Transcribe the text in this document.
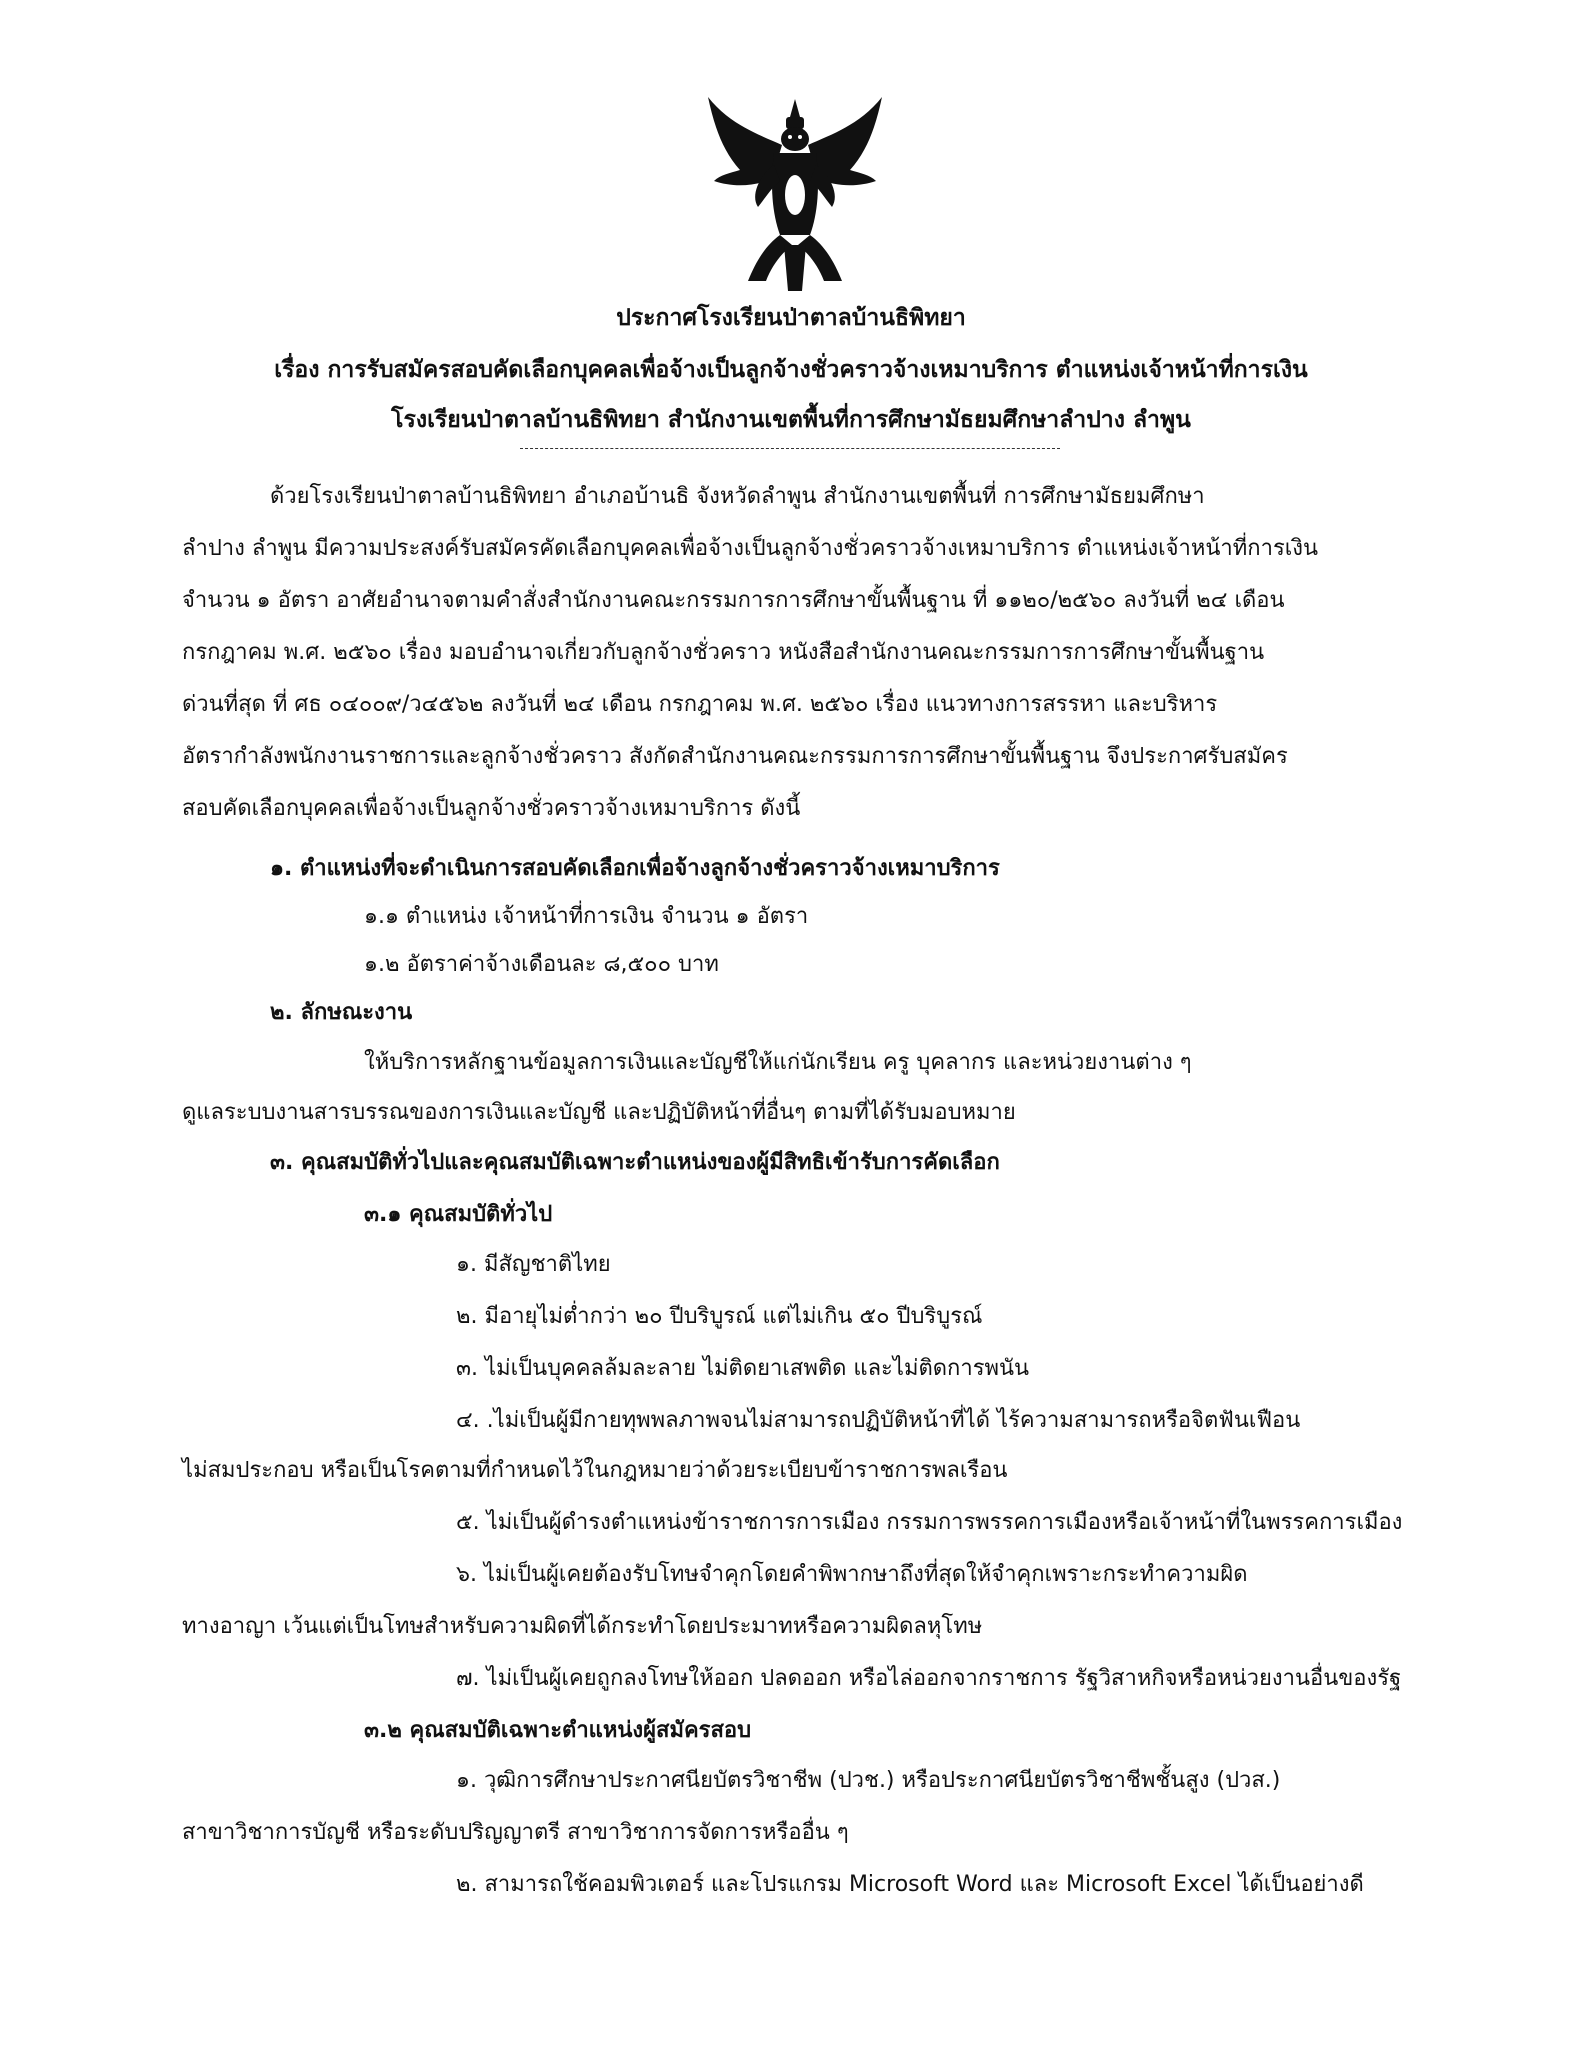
ประกาศโรงเรียนป่าตาลบ้านธิพิทยา
เรื่อง การรับสมัครสอบคัดเลือกบุคคลเพื่อจ้างเป็นลูกจ้างชั่วคราวจ้างเหมาบริการ ตำแหน่งเจ้าหน้าที่การเงิน
โรงเรียนป่าตาลบ้านธิพิทยา สำนักงานเขตพื้นที่การศึกษามัธยมศึกษาลำปาง ลำพูน
ด้วยโรงเรียนป่าตาลบ้านธิ​พิทยา อำเภอบ้านธิ จังหวัดลำพูน สำนักงานเขตพื้นที่ การศึกษามัธยมศึกษา
ลำปาง ลำพูน มีความประสงค์รับสมัครคัดเลือกบุคคลเพื่อจ้างเป็นลูกจ้างชั่วคราวจ้างเหมาบริการ ตำแหน่งเจ้าหน้าที่การเงิน
จำนวน ๑ อัตรา อาศัยอำนาจตามคำสั่งสำนักงานคณะกรรมการการศึกษาขั้นพื้นฐาน ที่ ๑๑๒๐/๒๕๖๐ ลงวันที่ ๒๔ เดือน
กรกฎาคม พ.ศ. ๒๕๖๐ เรื่อง มอบอำนาจเกี่ยวกับลูกจ้างชั่วคราว หนังสือสำนักงานคณะกรรมการการศึกษาขั้นพื้นฐาน
ด่วนที่สุด ที่ ศธ ๐๔๐๐๙/ว๔๕๖๒ ลงวันที่ ๒๔ เดือน กรกฎาคม พ.ศ. ๒๕๖๐ เรื่อง แนวทางการสรรหา และบริหาร
อัตรากำลังพนักงานราชการและลูกจ้างชั่วคราว สังกัดสำนักงานคณะกรรมการการศึกษาขั้นพื้นฐาน จึงประกาศรับสมัคร
สอบคัดเลือกบุคคลเพื่อจ้างเป็นลูกจ้างชั่วคราวจ้างเหมาบริการ ดังนี้
๑. ตำแหน่งที่จะดำเนินการสอบคัดเลือกเพื่อจ้างลูกจ้างชั่วคราวจ้างเหมาบริการ
๑.๑ ตำแหน่ง เจ้าหน้าที่การเงิน จำนวน ๑ อัตรา
๑.๒ อัตราค่าจ้างเดือนละ ๘,๕๐๐ บาท
๒. ลักษณะงาน
ให้บริการหลักฐานข้อมูลการเงินและบัญชีให้แก่นักเรียน ครู บุคลากร และหน่วยงานต่าง ๆ
ดูแลระบบงานสารบรรณของการเงินและบัญชี และปฏิบัติหน้าที่อื่นๆ ตามที่ได้รับมอบหมาย
๓. คุณสมบัติทั่วไปและคุณสมบัติเฉพาะตำแหน่งของผู้มีสิทธิเข้ารับการคัดเลือก
๓.๑ คุณสมบัติทั่วไป
๑. มีสัญชาติไทย
๒. มีอายุไม่ต่ำกว่า ๒๐ ปีบริบูรณ์ แต่ไม่เกิน ๕๐ ปีบริบูรณ์
๓. ไม่เป็นบุคคลล้มละลาย ไม่ติดยาเสพติด และไม่ติดการพนัน
๔. .ไม่เป็นผู้มีกายทุพพลภาพจนไม่สามารถปฏิบัติหน้าที่ได้ ไร้ความสามารถหรือจิตฟันเฟือน
ไม่สมประกอบ หรือเป็นโรคตามที่กำหนดไว้ในกฎหมายว่าด้วยระเบียบข้าราชการพลเรือน
๕. ไม่เป็นผู้ดำรงตำแหน่งข้าราชการการเมือง กรรมการพรรคการเมืองหรือเจ้าหน้าที่ในพรรคการเมือง
๖. ไม่เป็นผู้เคยต้องรับโทษจำคุกโดยคำพิพากษาถึงที่สุดให้จำคุกเพราะกระทำความผิด
ทางอาญา เว้นแต่เป็นโทษสำหรับความผิดที่ได้กระทำโดยประมาทหรือความผิดลหุโทษ
๗. ไม่เป็นผู้เคยถูกลงโทษให้ออก ปลดออก หรือไล่ออกจากราชการ รัฐวิสาหกิจหรือหน่วยงานอื่นของรัฐ
๓.๒ คุณสมบัติเฉพาะตำแหน่งผู้สมัครสอบ
๑. วุฒิการศึกษาประกาศนียบัตรวิชาชีพ (ปวช.) หรือประกาศนียบัตรวิชาชีพชั้นสูง (ปวส.)
สาขาวิชาการบัญชี หรือระดับปริญญาตรี สาขาวิชาการจัดการหรืออื่น ๆ
๒. สามารถใช้คอมพิวเตอร์ และโปรแกรม Microsoft Word และ Microsoft Excel ได้เป็นอย่างดี
